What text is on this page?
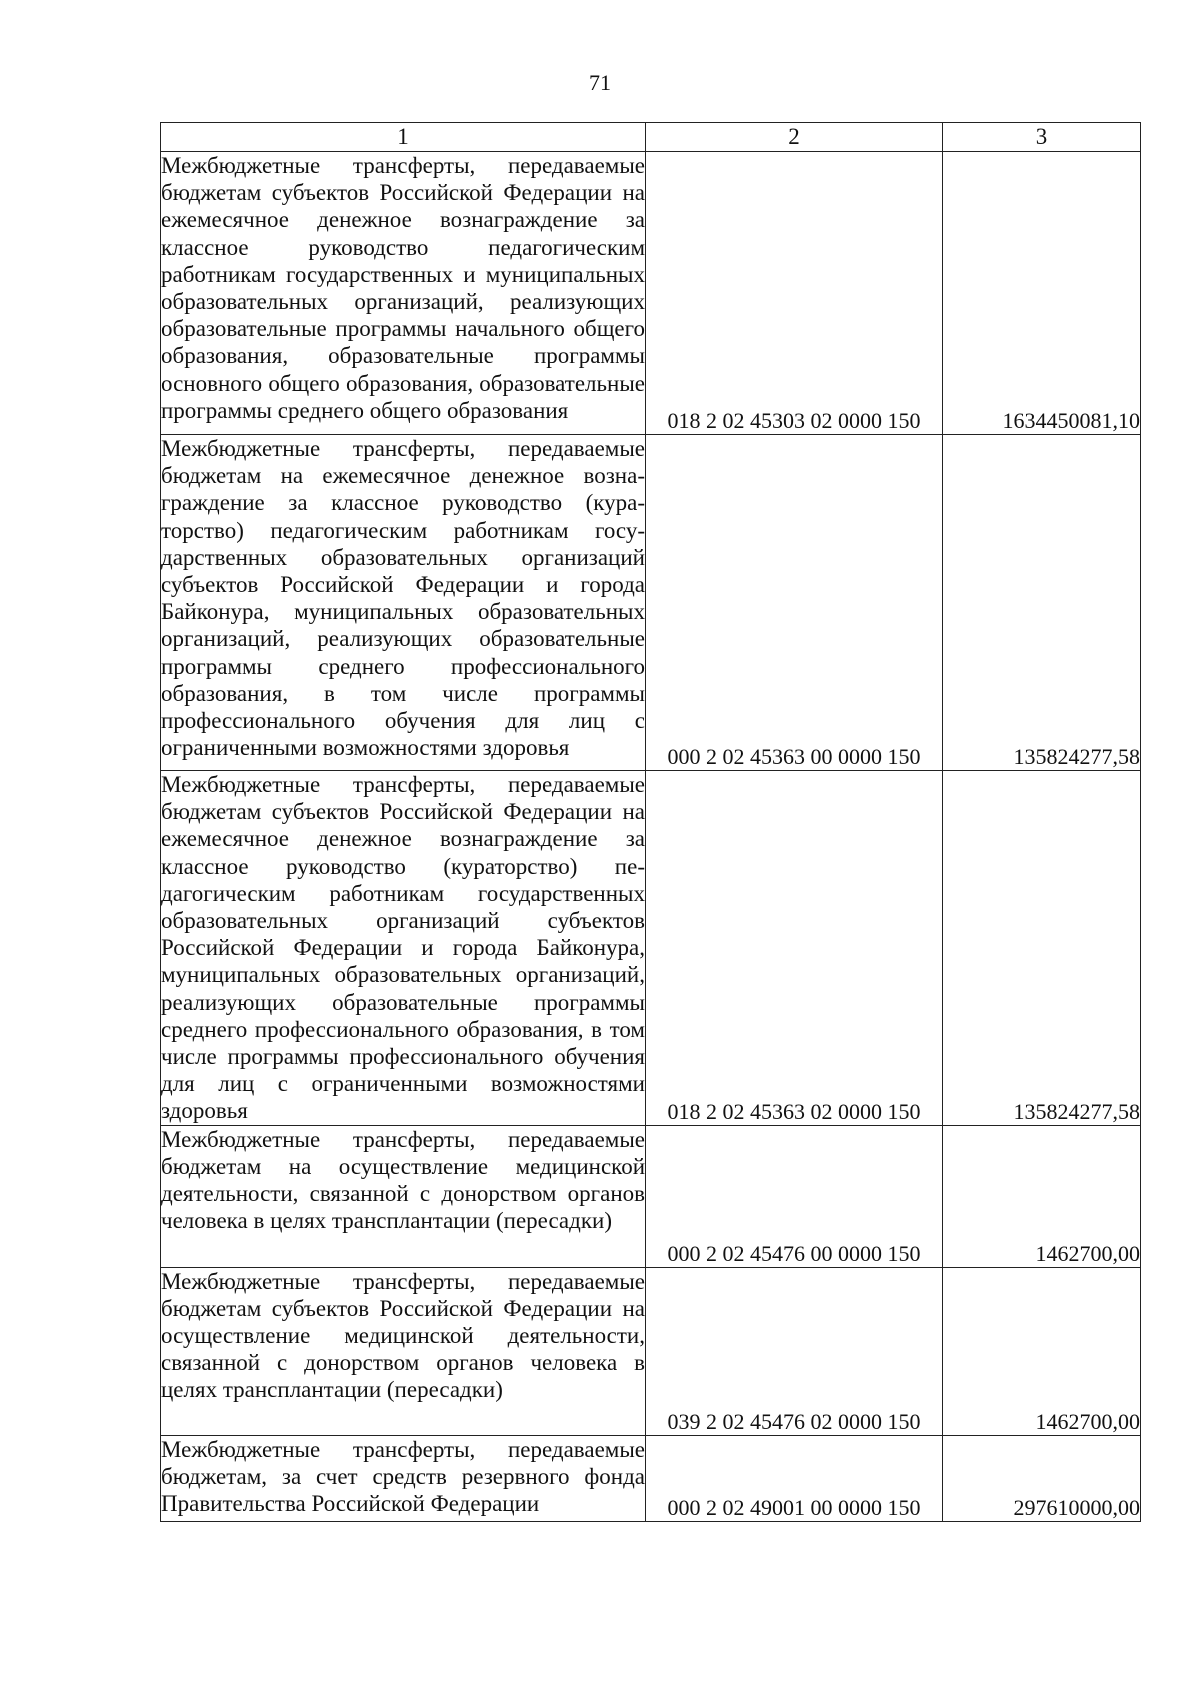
71
1	2	3
Межбюджетные трансферты, передаваемые бюджетам субъектов Российской Федерации на ежемесячное денежное вознаграждение за классное руководство педагогическим работникам государственных и муниципальных образовательных организаций, реализующих образовательные программы начального общего образования, образовательные программы основного общего образования, образовательные программы среднего общего образования	018 2 02 45303 02 0000 150	1634450081,10
Межбюджетные трансферты, передаваемые бюджетам на ежемесячное денежное вознаграждение за классное руководство (кураторство) педагогическим работникам государственных образовательных организаций субъектов Российской Федерации и города Байконура, муниципальных образовательных организаций, реализующих образовательные программы среднего профессионального образования, в том числе программы профессионального обучения для лиц с ограниченными возможностями здоровья	000 2 02 45363 00 0000 150	135824277,58
Межбюджетные трансферты, передаваемые бюджетам субъектов Российской Федерации на ежемесячное денежное вознаграждение за классное руководство (кураторство) педагогическим работникам государственных образовательных организаций субъектов Российской Федерации и города Байконура, муниципальных образовательных организаций, реализующих образовательные программы среднего профессионального образования, в том числе программы профессионального обучения для лиц с ограниченными возможностями здоровья	018 2 02 45363 02 0000 150	135824277,58
Межбюджетные трансферты, передаваемые бюджетам на осуществление медицинской деятельности, связанной с донорством органов человека в целях трансплантации (пересадки)	000 2 02 45476 00 0000 150	1462700,00
Межбюджетные трансферты, передаваемые бюджетам субъектов Российской Федерации на осуществление медицинской деятельности, связанной с донорством органов человека в целях трансплантации (пересадки)	039 2 02 45476 02 0000 150	1462700,00
Межбюджетные трансферты, передаваемые бюджетам, за счет средств резервного фонда Правительства Российской Федерации	000 2 02 49001 00 0000 150	297610000,00
